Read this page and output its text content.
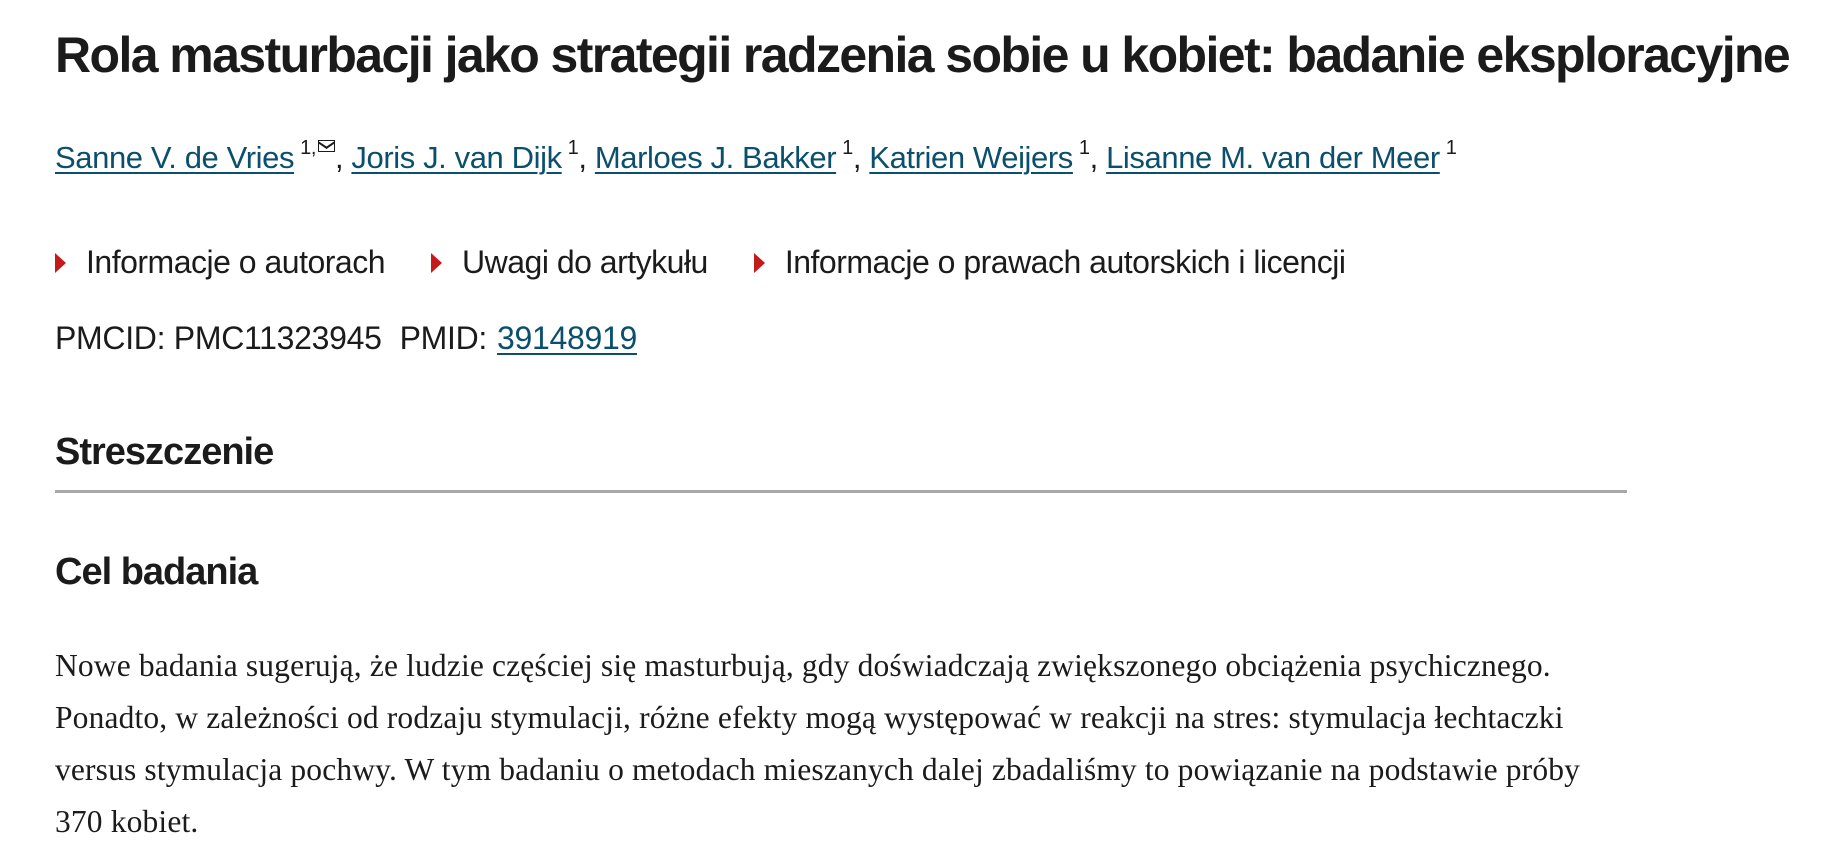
Rola masturbacji jako strategii radzenia sobie u kobiet: badanie eksploracyjne
Sanne V. de Vries $^{1,}$ , Joris J. van Dijk $^1$, Marloes J. Bakker $^1$, Katrien Weijers $^1$, Lisanne M. van der Meer $^1$
Informacje o autorach Uwagi do artykułu Informacje o prawach autorskich i licencji
PMCID: PMC11323945 PMID: 39148919
Streszczenie
Cel badania

Nowe badania sugerują, że ludzie częściej się masturbują, gdy doświadczają zwiększonego obciążenia psychicznego. Ponadto, w zależności od rodzaju stymulacji, różne efekty mogą występować w reakcji na stres: stymulacja łechtaczki versus stymulacja pochwy. W tym badaniu o metodach mieszanych dalej zbadaliśmy to powiązanie na podstawie próby 370 kobiet.
